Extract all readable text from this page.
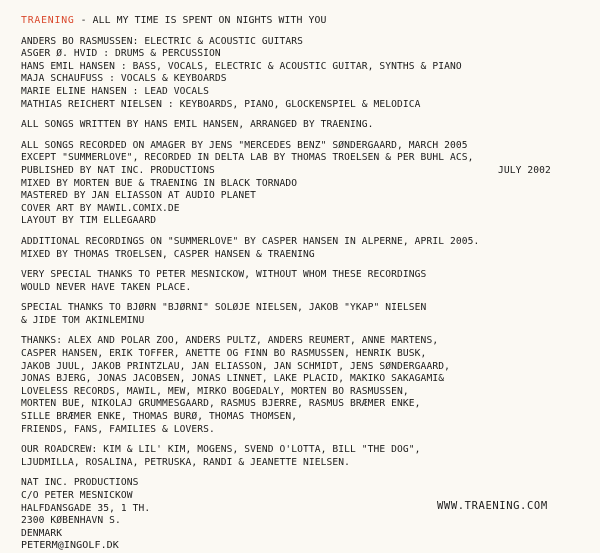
TRAENING - ALL MY TIME IS SPENT ON NIGHTS WITH YOU
ANDERS BO RASMUSSEN: ELECTRIC & ACOUSTIC GUITARS
ASGER Ø. HVID : DRUMS & PERCUSSION
HANS EMIL HANSEN : BASS, VOCALS, ELECTRIC & ACOUSTIC GUITAR, SYNTHS & PIANO
MAJA SCHAUFUSS : VOCALS & KEYBOARDS
MARIE ELINE HANSEN : LEAD VOCALS
MATHIAS REICHERT NIELSEN : KEYBOARDS, PIANO, GLOCKENSPIEL & MELODICA
ALL SONGS WRITTEN BY HANS EMIL HANSEN, ARRANGED BY TRAENING.
ALL SONGS RECORDED ON AMAGER BY JENS "MERCEDES BENZ" SØNDERGAARD, MARCH 2005
EXCEPT "SUMMERLOVE", RECORDED IN DELTA LAB BY THOMAS TROELSEN & PER BUHL ACS,
PUBLISHED BY NAT INC. PRODUCTIONS	JULY 2002
MIXED BY MORTEN BUE & TRAENING IN BLACK TORNADO
MASTERED BY JAN ELIASSON AT AUDIO PLANET
COVER ART BY MAWIL.COMIX.DE
LAYOUT BY TIM ELLEGAARD
ADDITIONAL RECORDINGS ON "SUMMERLOVE" BY CASPER HANSEN IN ALPERNE, APRIL 2005.
MIXED BY THOMAS TROELSEN, CASPER HANSEN & TRAENING
VERY SPECIAL THANKS TO PETER MESNICKOW, WITHOUT WHOM THESE RECORDINGS
WOULD NEVER HAVE TAKEN PLACE.
SPECIAL THANKS TO BJØRN "BJØRNI" SOLØJE NIELSEN, JAKOB "YKAP" NIELSEN
& JIDE TOM AKINLEMINU
THANKS: ALEX AND POLAR ZOO, ANDERS PULTZ, ANDERS REUMERT, ANNE MARTENS,
CASPER HANSEN, ERIK TOFFER, ANETTE OG FINN BO RASMUSSEN, HENRIK BUSK,
JAKOB JUUL, JAKOB PRINTZLAU, JAN ELIASSON, JAN SCHMIDT, JENS SØNDERGAARD,
JONAS BJERG, JONAS JACOBSEN, JONAS LINNET, LAKE PLACID, MAKIKO SAKAGAMI&
LOVELESS RECORDS, MAWIL, MEW, MIRKO BOGEDALY, MORTEN BO RASMUSSEN,
MORTEN BUE, NIKOLAJ GRUMMESGAARD, RASMUS BJERRE, RASMUS BRÆMER ENKE,
SILLE BRÆMER ENKE, THOMAS BURØ, THOMAS THOMSEN,
FRIENDS, FANS, FAMILIES & LOVERS.
OUR ROADCREW: KIM & LIL' KIM, MOGENS, SVEND O'LOTTA, BILL "THE DOG",
LJUDMILLA, ROSALINA, PETRUSKA, RANDI & JEANETTE NIELSEN.
NAT INC. PRODUCTIONS
C/O PETER MESNICKOW
HALFDANSGADE 35, 1 TH.
2300 KØBENHAVN S.
DENMARK
PETERM@INGOLF.DK
WWW.TRAENING.COM
